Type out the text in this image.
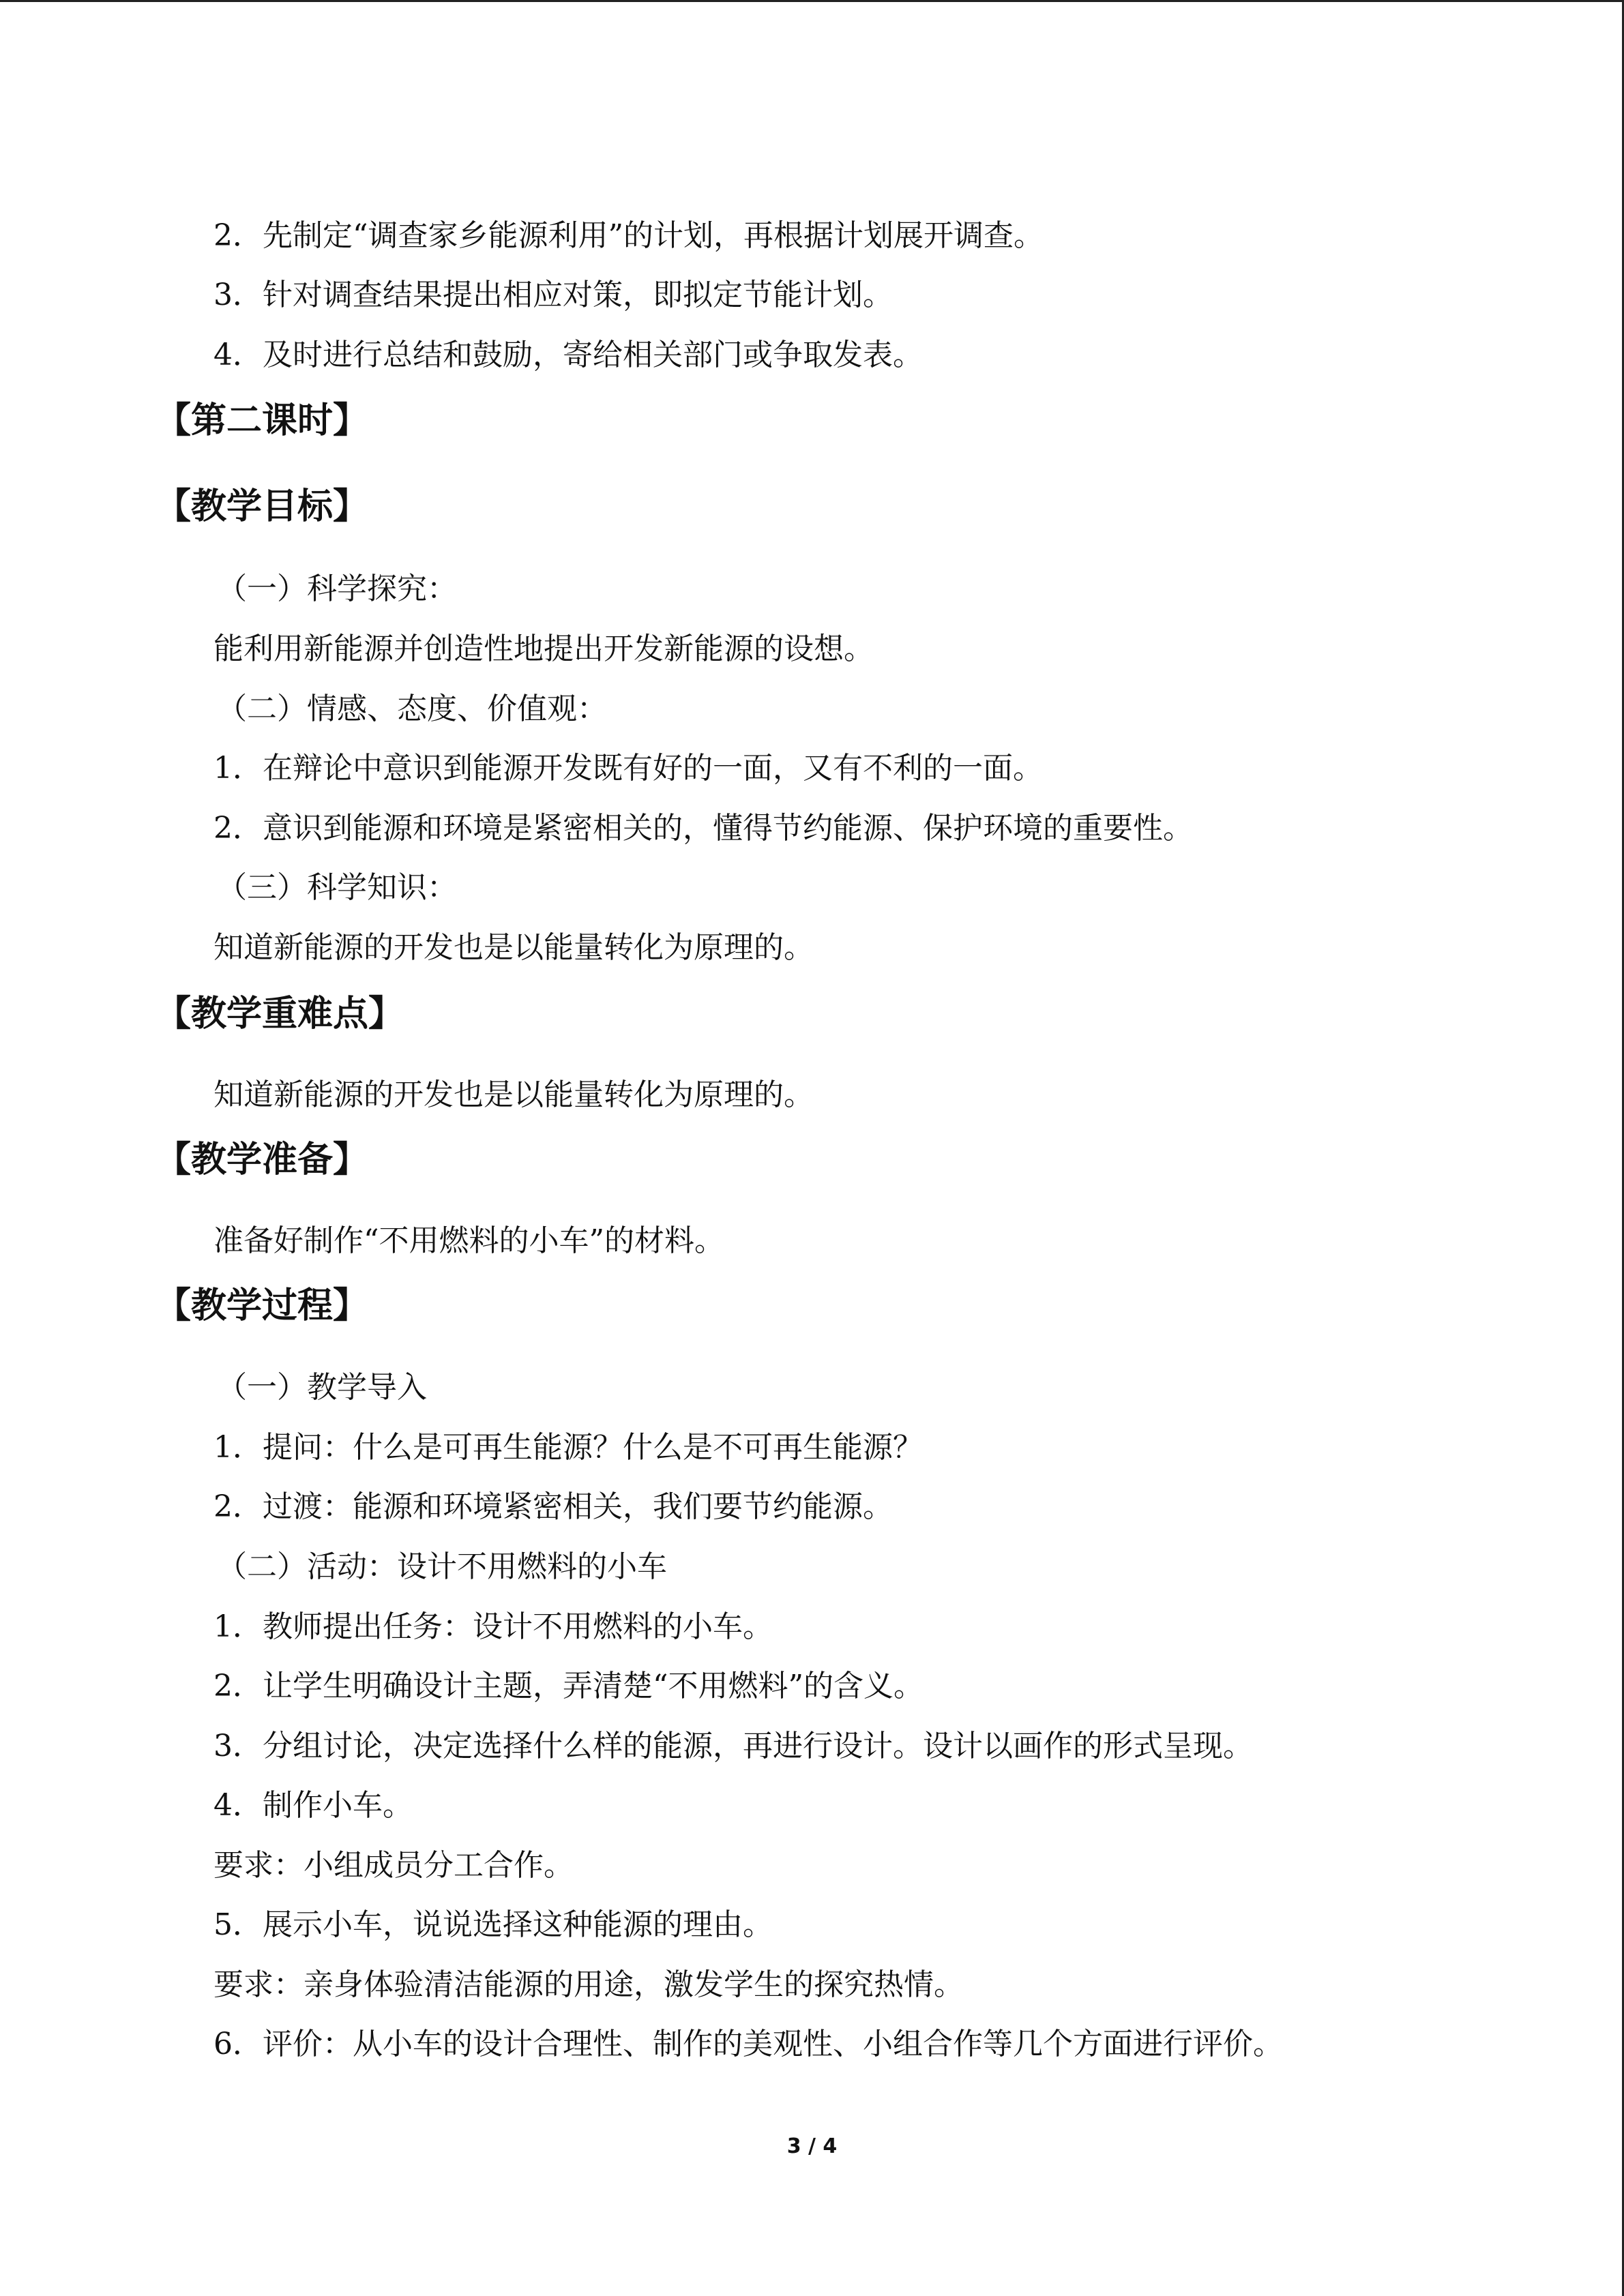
2．先制定“调查家乡能源利用”的计划，再根据计划展开调查。
3．针对调查结果提出相应对策，即拟定节能计划。
4．及时进行总结和鼓励，寄给相关部门或争取发表。
【第二课时】
【教学目标】
（一）科学探究：
能利用新能源并创造性地提出开发新能源的设想。
（二）情感、态度、价值观：
1．在辩论中意识到能源开发既有好的一面，又有不利的一面。
2．意识到能源和环境是紧密相关的，懂得节约能源、保护环境的重要性。
（三）科学知识：
知道新能源的开发也是以能量转化为原理的。
【教学重难点】
知道新能源的开发也是以能量转化为原理的。
【教学准备】
准备好制作“不用燃料的小车”的材料。
【教学过程】
（一）教学导入
1．提问：什么是可再生能源？什么是不可再生能源？
2．过渡：能源和环境紧密相关，我们要节约能源。
（二）活动：设计不用燃料的小车
1．教师提出任务：设计不用燃料的小车。
2．让学生明确设计主题，弄清楚“不用燃料”的含义。
3．分组讨论，决定选择什么样的能源，再进行设计。设计以画作的形式呈现。
4．制作小车。
要求：小组成员分工合作。
5．展示小车，说说选择这种能源的理由。
要求：亲身体验清洁能源的用途，激发学生的探究热情。
6．评价：从小车的设计合理性、制作的美观性、小组合作等几个方面进行评价。
3 / 4
